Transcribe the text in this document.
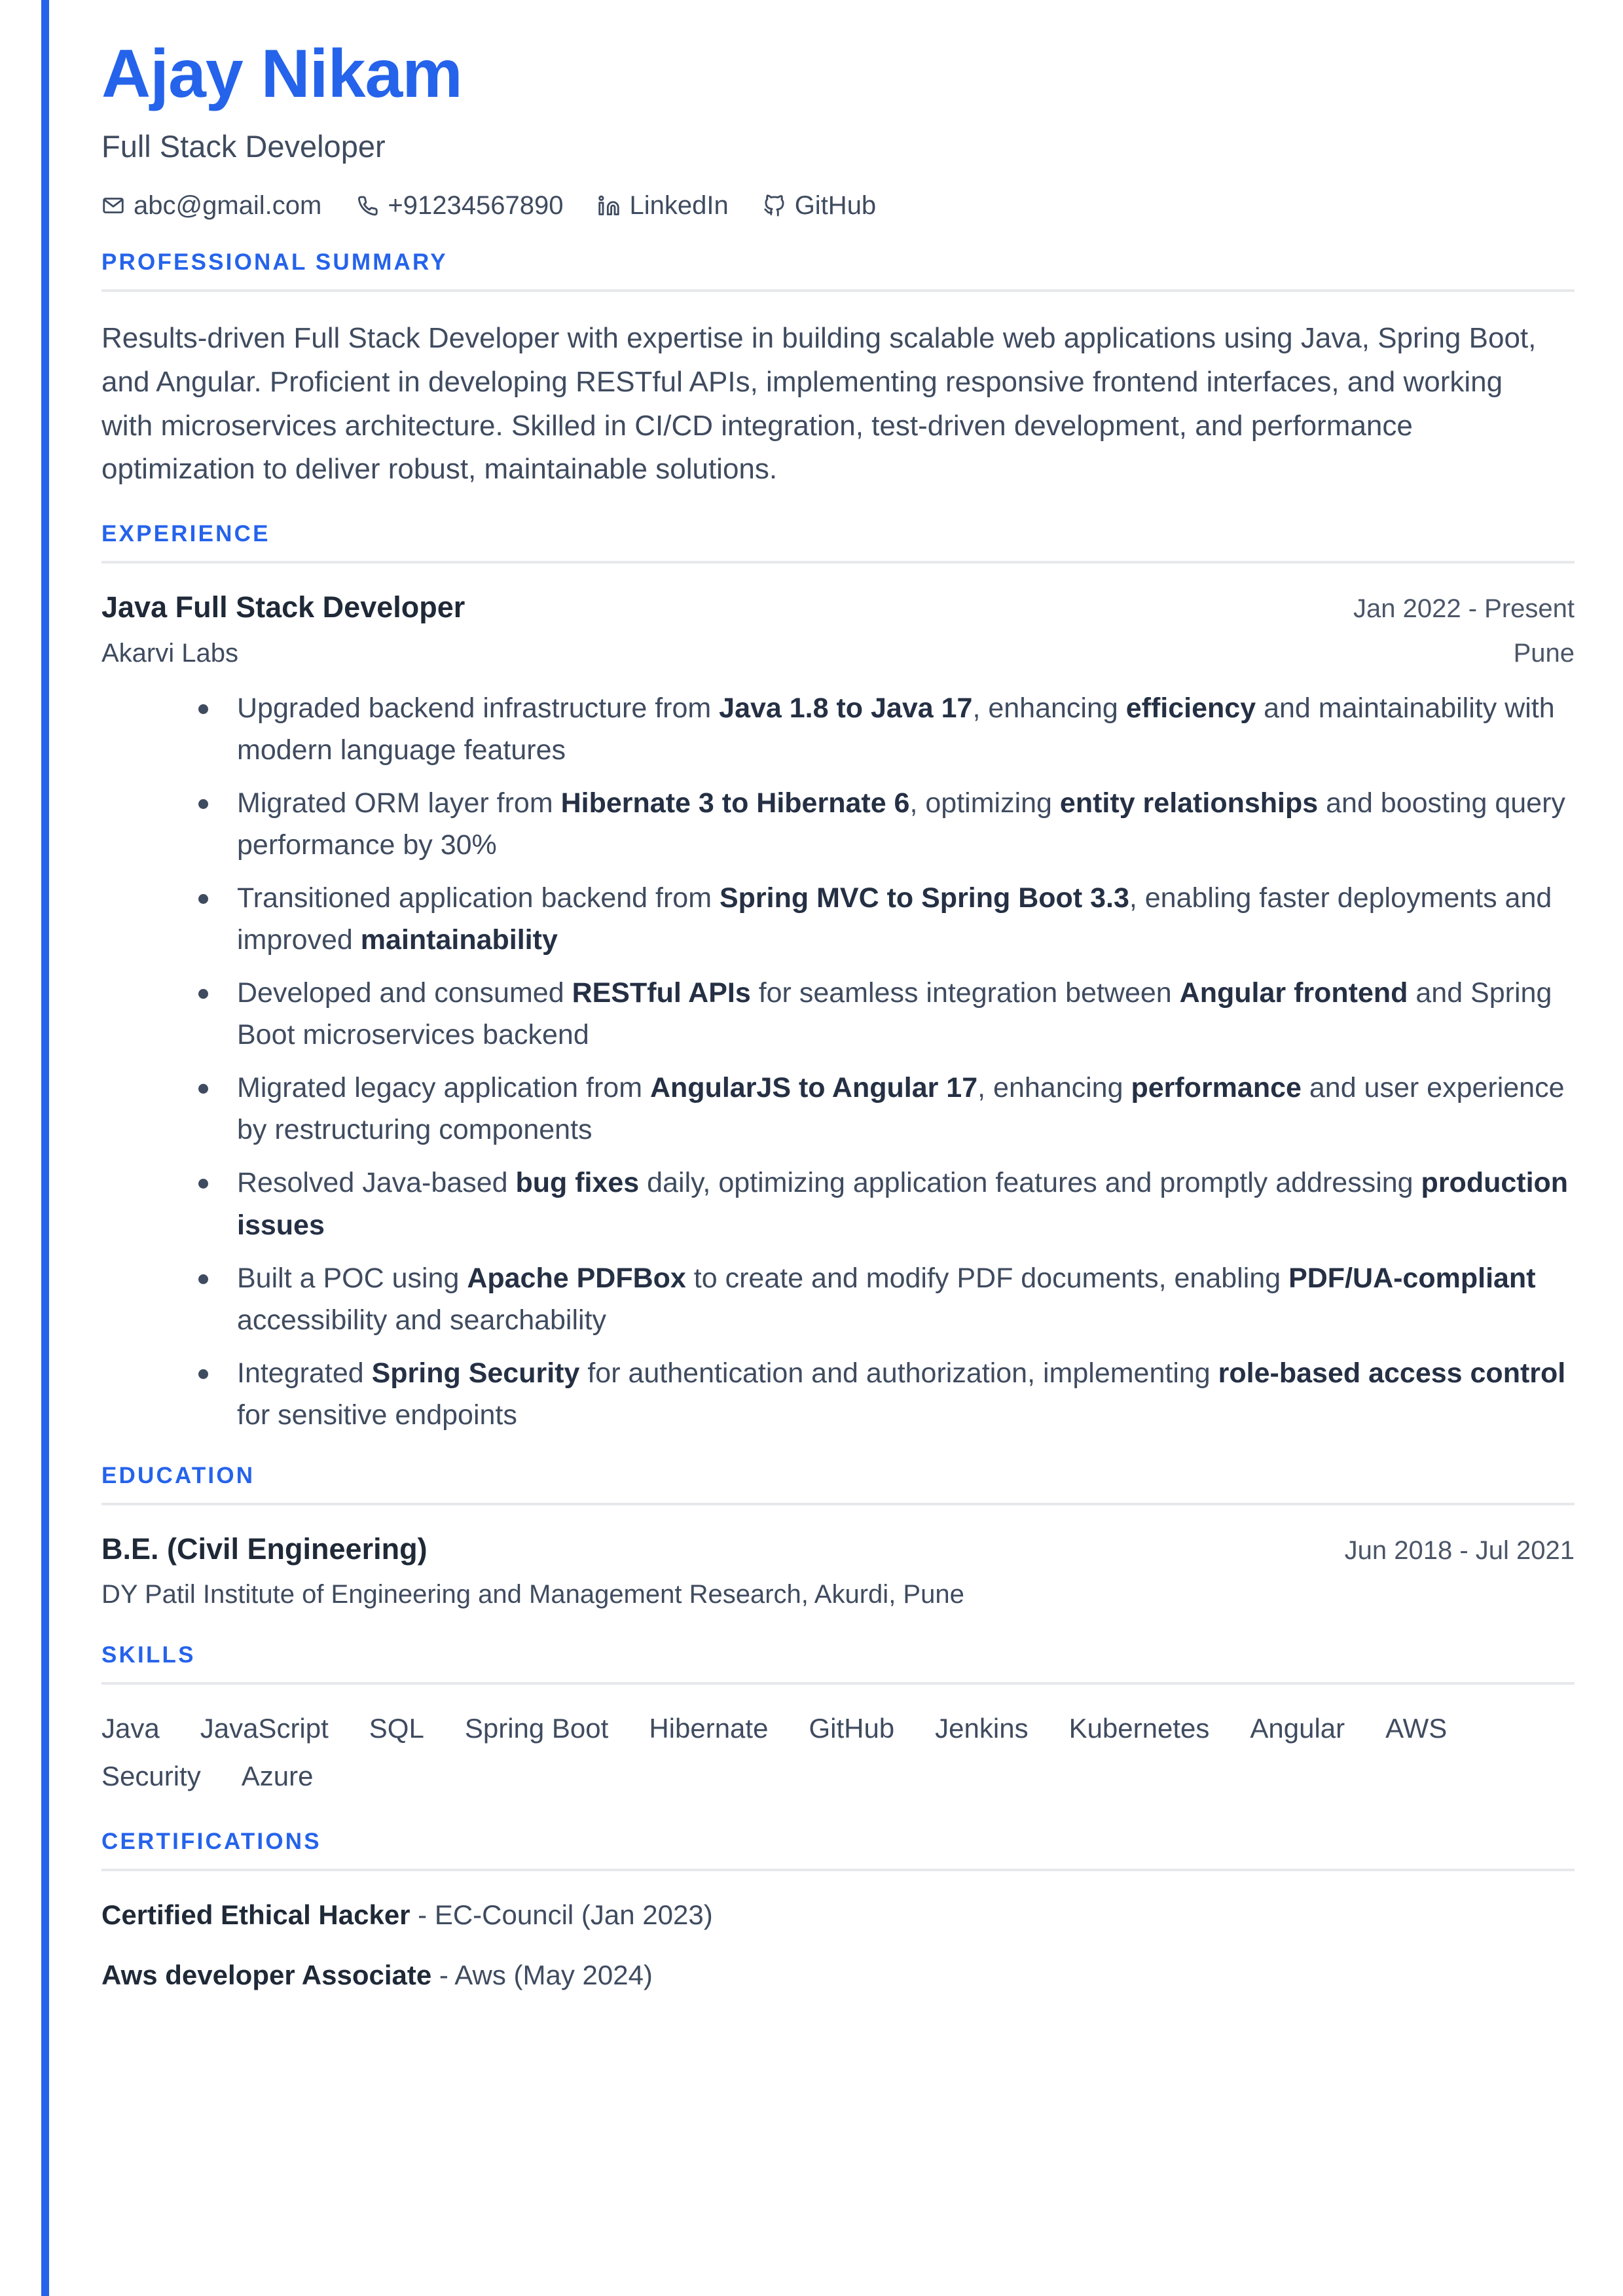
Ajay Nikam
Full Stack Developer
abc@gmail.com	+91234567890	LinkedIn	GitHub
PROFESSIONAL SUMMARY

Results-driven Full Stack Developer with expertise in building scalable web applications using Java, Spring Boot, and Angular. Proficient in developing RESTful APIs, implementing responsive frontend interfaces, and working with microservices architecture. Skilled in CI/CD integration, test-driven development, and performance optimization to deliver robust, maintainable solutions.

EXPERIENCE
Java Full Stack Developer	Jan 2022 - Present
Akarvi Labs	Pune
Upgraded backend infrastructure from Java 1.8 to Java 17, enhancing efficiency and maintainability with modern language features
Migrated ORM layer from Hibernate 3 to Hibernate 6, optimizing entity relationships and boosting query performance by 30%
Transitioned application backend from Spring MVC to Spring Boot 3.3, enabling faster deployments and improved maintainability
Developed and consumed RESTful APIs for seamless integration between Angular frontend and Spring Boot microservices backend
Migrated legacy application from AngularJS to Angular 17, enhancing performance and user experience by restructuring components
Resolved Java-based bug fixes daily, optimizing application features and promptly addressing production issues
Built a POC using Apache PDFBox to create and modify PDF documents, enabling PDF/UA-compliant accessibility and searchability
Integrated Spring Security for authentication and authorization, implementing role-based access control for sensitive endpoints
EDUCATION
B.E. (Civil Engineering)	Jun 2018 - Jul 2021
DY Patil Institute of Engineering and Management Research, Akurdi, Pune
SKILLS
Java JavaScript SQL Spring Boot Hibernate GitHub Jenkins Kubernetes Angular AWS
Security Azure
CERTIFICATIONS
Certified Ethical Hacker - EC-Council (Jan 2023)
Aws developer Associate - Aws (May 2024)
